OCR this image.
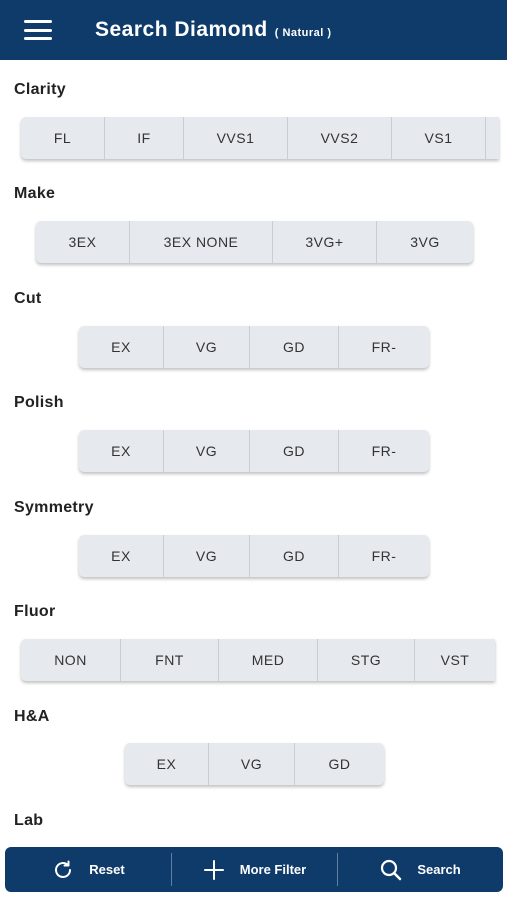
Search Diamond ( Natural )
Clarity
FL	IF	VVS1	VVS2	VS1
Make
3EX	3EX NONE	3VG+	3VG
Cut
EX	VG	GD	FR-
Polish
EX	VG	GD	FR-
Symmetry
EX	VG	GD	FR-
Fluor
NON	FNT	MED	STG	VST
H&A
EX	VG	GD
Lab
Reset	More Filter	Search
